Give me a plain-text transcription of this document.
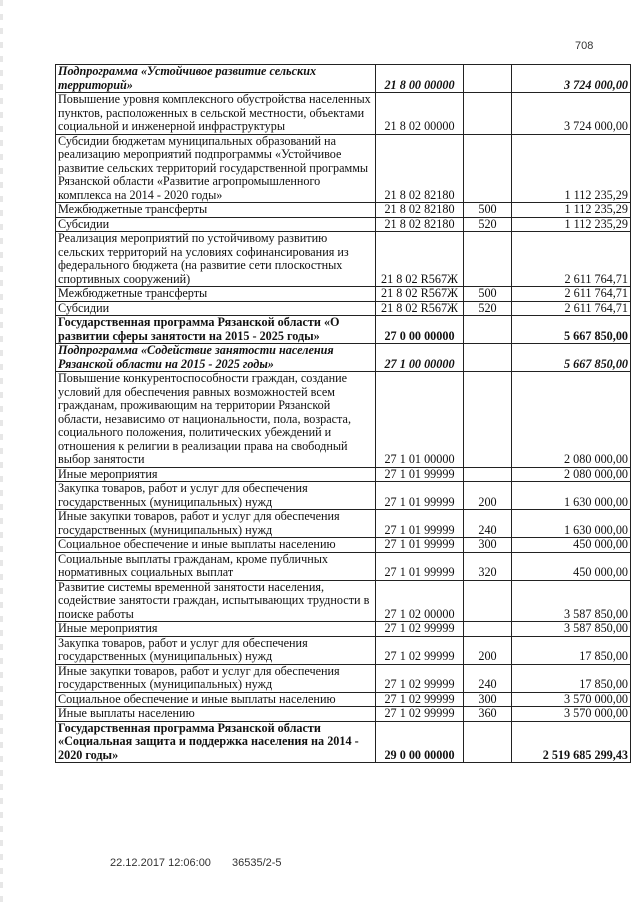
708
Подпрограмма «Устойчивое развитие сельских территорий»	21 8 00 00000		3 724 000,00
Повышение уровня комплексного обустройства населенных пунктов, расположенных в сельской местности, объектами социальной и инженерной инфраструктуры	21 8 02 00000		3 724 000,00
Субсидии бюджетам муниципальных образований на реализацию мероприятий подпрограммы «Устойчивое развитие сельских территорий государственной программы Рязанской области «Развитие агропромышленного комплекса на 2014 - 2020 годы»	21 8 02 82180		1 112 235,29
Межбюджетные трансферты	21 8 02 82180	500	1 112 235,29
Субсидии	21 8 02 82180	520	1 112 235,29
Реализация мероприятий по устойчивому развитию сельских территорий на условиях софинансирования из федерального бюджета (на развитие сети плоскостных спортивных сооружений)	21 8 02 R567Ж		2 611 764,71
Межбюджетные трансферты	21 8 02 R567Ж	500	2 611 764,71
Субсидии	21 8 02 R567Ж	520	2 611 764,71
Государственная программа Рязанской области «О развитии сферы занятости на 2015 - 2025 годы»	27 0 00 00000		5 667 850,00
Подпрограмма «Содействие занятости населения Рязанской области на 2015 - 2025 годы»	27 1 00 00000		5 667 850,00
Повышение конкурентоспособности граждан, создание условий для обеспечения равных возможностей всем гражданам, проживающим на территории Рязанской области, независимо от национальности, пола, возраста, социального положения, политических убеждений и отношения к религии в реализации права на свободный выбор занятости	27 1 01 00000		2 080 000,00
Иные мероприятия	27 1 01 99999		2 080 000,00
Закупка товаров, работ и услуг для обеспечения государственных (муниципальных) нужд	27 1 01 99999	200	1 630 000,00
Иные закупки товаров, работ и услуг для обеспечения государственных (муниципальных) нужд	27 1 01 99999	240	1 630 000,00
Социальное обеспечение и иные выплаты населению	27 1 01 99999	300	450 000,00
Социальные выплаты гражданам, кроме публичных нормативных социальных выплат	27 1 01 99999	320	450 000,00
Развитие системы временной занятости населения, содействие занятости граждан, испытывающих трудности в поиске работы	27 1 02 00000		3 587 850,00
Иные мероприятия	27 1 02 99999		3 587 850,00
Закупка товаров, работ и услуг для обеспечения государственных (муниципальных) нужд	27 1 02 99999	200	17 850,00
Иные закупки товаров, работ и услуг для обеспечения государственных (муниципальных) нужд	27 1 02 99999	240	17 850,00
Социальное обеспечение и иные выплаты населению	27 1 02 99999	300	3 570 000,00
Иные выплаты населению	27 1 02 99999	360	3 570 000,00
Государственная программа Рязанской области «Социальная защита и поддержка населения на 2014 - 2020 годы»	29 0 00 00000		2 519 685 299,43
22.12.2017 12:06:00 36535/2-5
